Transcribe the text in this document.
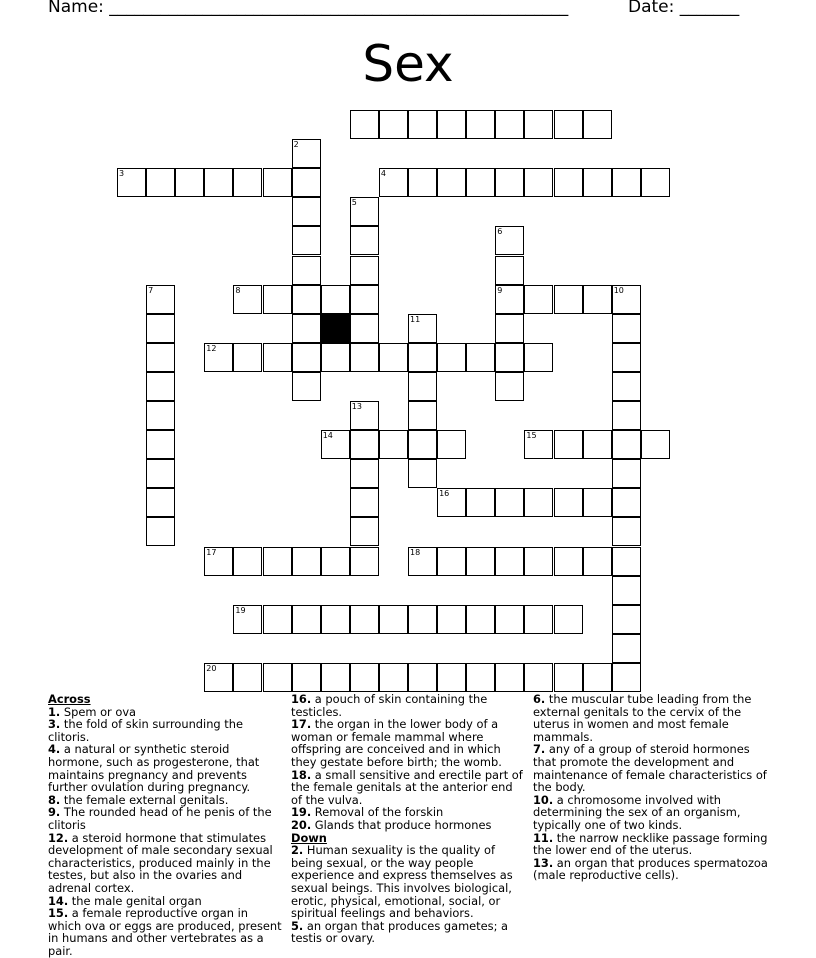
Name: ______________________________________________________	Date: _______
Sex
3	4
2
5
6
9
7	8	10
11
12
13
14	15
16
17	18
19
20
Across

1. Spem or ova

3. the fold of skin surrounding the clitoris.

4. a natural or synthetic steroid hormone, such as progesterone, that maintains pregnancy and prevents further ovulation during pregnancy.

8. the female external genitals.

9. The rounded head of he penis of the clitoris

12. a steroid hormone that stimulates development of male secondary sexual characteristics, produced mainly in the testes, but also in the ovaries and adrenal cortex.

14. the male genital organ

15. a female reproductive organ in which ova or eggs are produced, present in humans and other vertebrates as a pair.

16. a pouch of skin containing the testicles.

17. the organ in the lower body of a woman or female mammal where offspring are conceived and in which they gestate before birth; the womb.

18. a small sensitive and erectile part of the female genitals at the anterior end of the vulva.

19. Removal of the forskin

20. Glands that produce hormones

Down

2. Human sexuality is the quality of being sexual, or the way people experience and express themselves as sexual beings. This involves biological, erotic, physical, emotional, social, or spiritual feelings and behaviors.

5. an organ that produces gametes; a testis or ovary.

6. the muscular tube leading from the external genitals to the cervix of the uterus in women and most female mammals.

7. any of a group of steroid hormones that promote the development and maintenance of female characteristics of the body.

10. a chromosome involved with determining the sex of an organism, typically one of two kinds.

11. the narrow necklike passage forming the lower end of the uterus.

13. an organ that produces spermatozoa (male reproductive cells).
